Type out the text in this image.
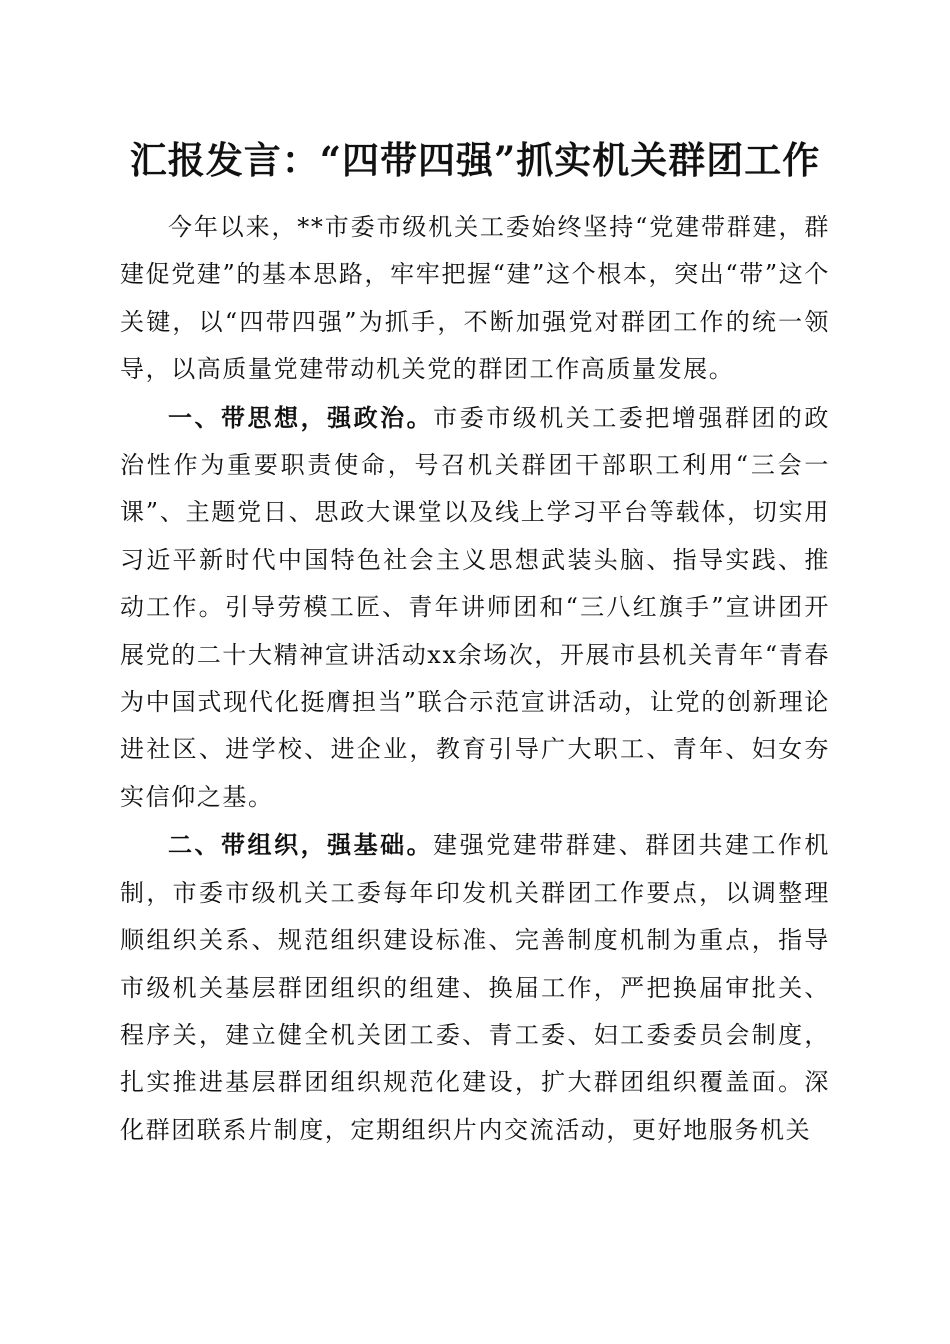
汇报发言：“四带四强”抓实机关群团工作

今年以来，**市委市级机关工委始终坚持“党建带群建，群建促党建”的基本思路，牢牢把握“建”这个根本，突出“带”这个关键，以“四带四强”为抓手，不断加强党对群团工作的统一领导，以高质量党建带动机关党的群团工作高质量发展。

一、带思想，强政治。市委市级机关工委把增强群团的政治性作为重要职责使命，号召机关群团干部职工利用“三会一课”、主题党日、思政大课堂以及线上学习平台等载体，切实用习近平新时代中国特色社会主义思想武装头脑、指导实践、推动工作。引导劳模工匠、青年讲师团和“三八红旗手”宣讲团开展党的二十大精神宣讲活动xx余场次，开展市县机关青年“青春为中国式现代化挺膺担当”联合示范宣讲活动，让党的创新理论进社区、进学校、进企业，教育引导广大职工、青年、妇女夯实信仰之基。

二、带组织，强基础。建强党建带群建、群团共建工作机制，市委市级机关工委每年印发机关群团工作要点，以调整理顺组织关系、规范组织建设标准、完善制度机制为重点，指导市级机关基层群团组织的组建、换届工作，严把换届审批关、程序关，建立健全机关团工委、青工委、妇工委委员会制度，扎实推进基层群团组织规范化建设，扩大群团组织覆盖面。深化群团联系片制度，定期组织片内交流活动，更好地服务机关
